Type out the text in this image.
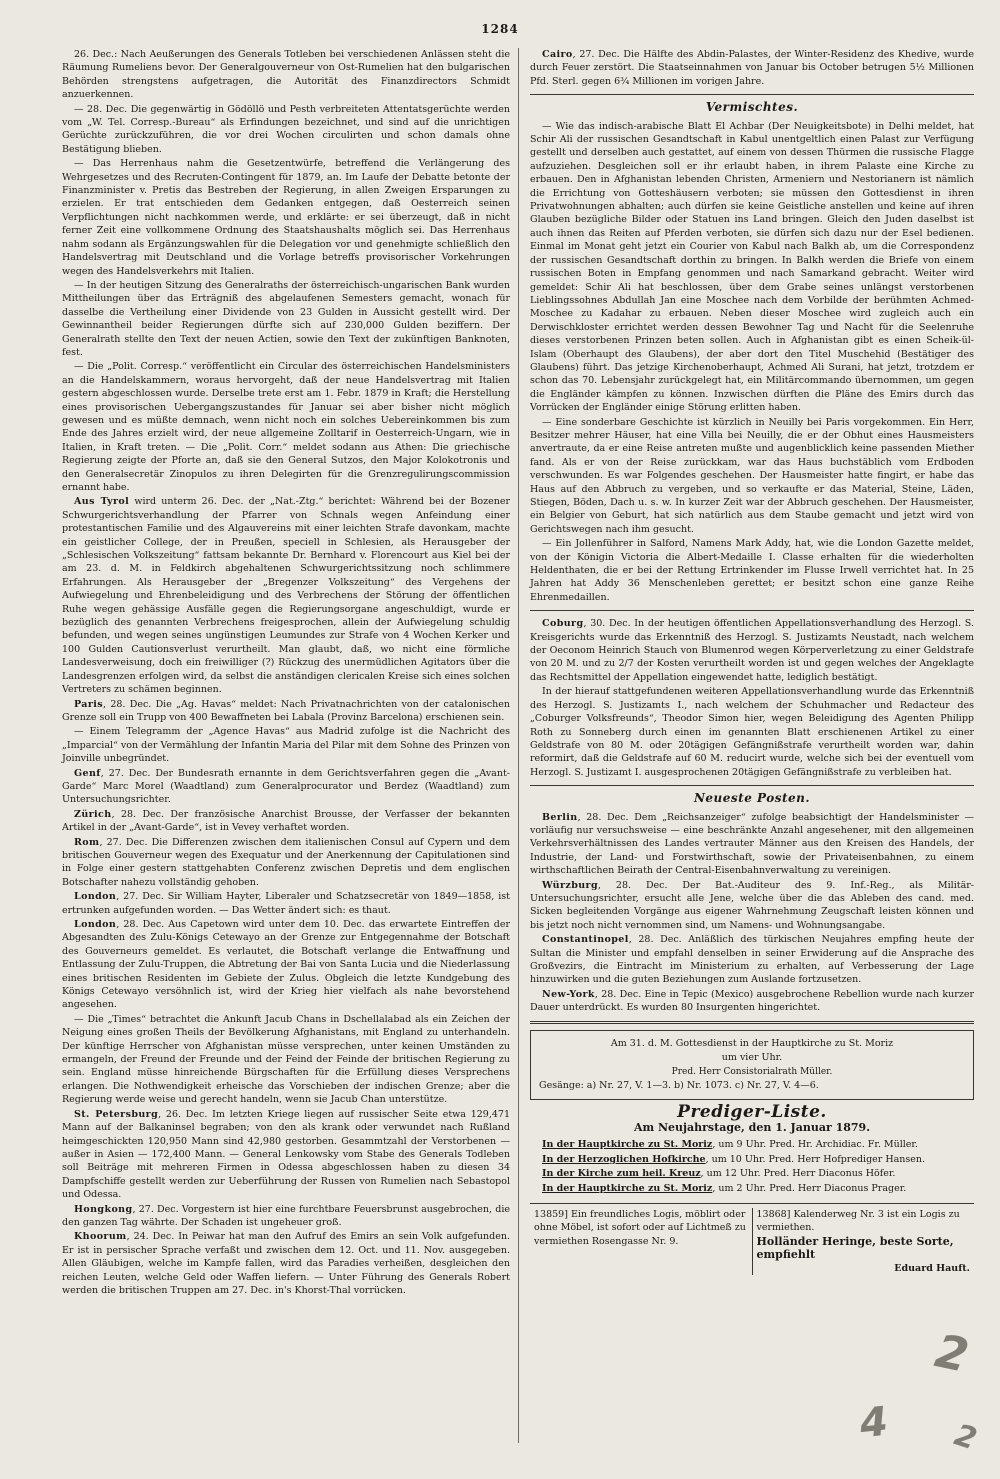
1284

26. Dec.: Nach Aeußerungen des Generals Totleben bei verschiedenen Anlässen steht die Räumung Rumeliens bevor. Der Generalgouverneur von Ost-Rumelien hat den bulgarischen Behörden strengstens aufgetragen, die Autorität des Finanzdirectors Schmidt anzuerkennen.

— 28. Dec. Die gegenwärtig in Gödöllö und Pesth verbreiteten Attentatsgerüchte werden vom „W. Tel. Corresp.-Bureau“ als Erfindungen bezeichnet, und sind auf die unrichtigen Gerüchte zurückzuführen, die vor drei Wochen circulirten und schon damals ohne Bestätigung blieben.

— Das Herrenhaus nahm die Gesetzentwürfe, betreffend die Verlängerung des Wehrgesetzes und des Recruten-Contingent für 1879, an. Im Laufe der Debatte betonte der Finanzminister v. Pretis das Bestreben der Regierung, in allen Zweigen Ersparungen zu erzielen. Er trat entschieden dem Gedanken entgegen, daß Oesterreich seinen Verpflichtungen nicht nachkommen werde, und erklärte: er sei überzeugt, daß in nicht ferner Zeit eine vollkommene Ordnung des Staatshaushalts möglich sei. Das Herrenhaus nahm sodann als Ergänzungswahlen für die Delegation vor und genehmigte schließlich den Handelsvertrag mit Deutschland und die Vorlage betreffs provisorischer Vorkehrungen wegen des Handelsverkehrs mit Italien.

— In der heutigen Sitzung des Generalraths der österreichisch-ungarischen Bank wurden Mittheilungen über das Erträgniß des abgelaufenen Semesters gemacht, wonach für dasselbe die Vertheilung einer Dividende von 23 Gulden in Aussicht gestellt wird. Der Gewinnantheil beider Regierungen dürfte sich auf 230,000 Gulden beziffern. Der Generalrath stellte den Text der neuen Actien, sowie den Text der zukünftigen Banknoten, fest.

— Die „Polit. Corresp.“ veröffentlicht ein Circular des österreichischen Handelsministers an die Handelskammern, woraus hervorgeht, daß der neue Handelsvertrag mit Italien gestern abgeschlossen wurde. Derselbe trete erst am 1. Febr. 1879 in Kraft; die Herstellung eines provisorischen Uebergangszustandes für Januar sei aber bisher nicht möglich gewesen und es müßte demnach, wenn nicht noch ein solches Uebereinkommen bis zum Ende des Jahres erzielt wird, der neue allgemeine Zolltarif in Oesterreich-Ungarn, wie in Italien, in Kraft treten. — Die „Polit. Corr.“ meldet sodann aus Athen: Die griechische Regierung zeigte der Pforte an, daß sie den General Sutzos, den Major Kolokotronis und den Generalsecretär Zinopulos zu ihren Delegirten für die Grenzregulirungscommission ernannt habe.

Aus Tyrol wird unterm 26. Dec. der „Nat.-Ztg.“ berichtet: Während bei der Bozener Schwurgerichtsverhandlung der Pfarrer von Schnals wegen Anfeindung einer protestantischen Familie und des Algauvereins mit einer leichten Strafe davonkam, machte ein geistlicher College, der in Preußen, speciell in Schlesien, als Herausgeber der „Schlesischen Volkszeitung“ fattsam bekannte Dr. Bernhard v. Florencourt aus Kiel bei der am 23. d. M. in Feldkirch abgehaltenen Schwurgerichtssitzung noch schlimmere Erfahrungen. Als Herausgeber der „Bregenzer Volkszeitung“ des Vergehens der Aufwiegelung und Ehrenbeleidigung und des Verbrechens der Störung der öffentlichen Ruhe wegen gehässige Ausfälle gegen die Regierungsorgane angeschuldigt, wurde er bezüglich des genannten Verbrechens freigesprochen, allein der Aufwiegelung schuldig befunden, und wegen seines ungünstigen Leumundes zur Strafe von 4 Wochen Kerker und 100 Gulden Cautionsverlust verurtheilt. Man glaubt, daß, wo nicht eine förmliche Landesverweisung, doch ein freiwilliger (?) Rückzug des unermüdlichen Agitators über die Landesgrenzen erfolgen wird, da selbst die anständigen clericalen Kreise sich eines solchen Vertreters zu schämen beginnen.

Paris, 28. Dec. Die „Ag. Havas“ meldet: Nach Privatnachrichten von der catalonischen Grenze soll ein Trupp von 400 Bewaffneten bei Labala (Provinz Barcelona) erschienen sein.

— Einem Telegramm der „Agence Havas“ aus Madrid zufolge ist die Nachricht des „Imparcial“ von der Vermählung der Infantin Maria del Pilar mit dem Sohne des Prinzen von Joinville unbegründet.

Genf, 27. Dec. Der Bundesrath ernannte in dem Gerichtsverfahren gegen die „Avant-Garde“ Marc Morel (Waadtland) zum Generalprocurator und Berdez (Waadtland) zum Untersuchungsrichter.

Zürich, 28. Dec. Der französische Anarchist Brousse, der Verfasser der bekannten Artikel in der „Avant-Garde“, ist in Vevey verhaftet worden.

Rom, 27. Dec. Die Differenzen zwischen dem italienischen Consul auf Cypern und dem britischen Gouverneur wegen des Exequatur und der Anerkennung der Capitulationen sind in Folge einer gestern stattgehabten Conferenz zwischen Depretis und dem englischen Botschafter nahezu vollständig gehoben.

London, 27. Dec. Sir William Hayter, Liberaler und Schatzsecretär von 1849—1858, ist ertrunken aufgefunden worden. — Das Wetter ändert sich: es thaut.

London, 28. Dec. Aus Capetown wird unter dem 10. Dec. das erwartete Eintreffen der Abgesandten des Zulu-Königs Cetewayo an der Grenze zur Entgegennahme der Botschaft des Gouverneurs gemeldet. Es verlautet, die Botschaft verlange die Entwaffnung und Entlassung der Zulu-Truppen, die Abtretung der Bai von Santa Lucia und die Niederlassung eines britischen Residenten im Gebiete der Zulus. Obgleich die letzte Kundgebung des Königs Cetewayo versöhnlich ist, wird der Krieg hier vielfach als nahe bevorstehend angesehen.

— Die „Times“ betrachtet die Ankunft Jacub Chans in Dschellalabad als ein Zeichen der Neigung eines großen Theils der Bevölkerung Afghanistans, mit England zu unterhandeln. Der künftige Herrscher von Afghanistan müsse versprechen, unter keinen Umständen zu ermangeln, der Freund der Freunde und der Feind der Feinde der britischen Regierung zu sein. England müsse hinreichende Bürgschaften für die Erfüllung dieses Versprechens erlangen. Die Nothwendigkeit erheische das Vorschieben der indischen Grenze; aber die Regierung werde weise und gerecht handeln, wenn sie Jacub Chan unterstütze.

St. Petersburg, 26. Dec. Im letzten Kriege liegen auf russischer Seite etwa 129,471 Mann auf der Balkaninsel begraben; von den als krank oder verwundet nach Rußland heimgeschickten 120,950 Mann sind 42,980 gestorben. Gesammtzahl der Verstorbenen — außer in Asien — 172,400 Mann. — General Lenkowsky vom Stabe des Generals Todleben soll Beiträge mit mehreren Firmen in Odessa abgeschlossen haben zu diesen 34 Dampfschiffe gestellt werden zur Ueberführung der Russen von Rumelien nach Sebastopol und Odessa.

Hongkong, 27. Dec. Vorgestern ist hier eine furchtbare Feuersbrunst ausgebrochen, die den ganzen Tag währte. Der Schaden ist ungeheuer groß.

Khoorum, 24. Dec. In Peiwar hat man den Aufruf des Emirs an sein Volk aufgefunden. Er ist in persischer Sprache verfaßt und zwischen dem 12. Oct. und 11. Nov. ausgegeben. Allen Gläubigen, welche im Kampfe fallen, wird das Paradies verheißen, desgleichen den reichen Leuten, welche Geld oder Waffen liefern. — Unter Führung des Generals Robert werden die britischen Truppen am 27. Dec. in's Khorst-Thal vorrücken.

Cairo, 27. Dec. Die Hälfte des Abdin-Palastes, der Winter-Residenz des Khedive, wurde durch Feuer zerstört. Die Staatseinnahmen von Januar bis October betrugen 5½ Millionen Pfd. Sterl. gegen 6¾ Millionen im vorigen Jahre.

Vermischtes.

— Wie das indisch-arabische Blatt El Achbar (Der Neuigkeitsbote) in Delhi meldet, hat Schir Ali der russischen Gesandtschaft in Kabul unentgeltlich einen Palast zur Verfügung gestellt und derselben auch gestattet, auf einem von dessen Thürmen die russische Flagge aufzuziehen. Desgleichen soll er ihr erlaubt haben, in ihrem Palaste eine Kirche zu erbauen. Den in Afghanistan lebenden Christen, Armeniern und Nestorianern ist nämlich die Errichtung von Gotteshäusern verboten; sie müssen den Gottesdienst in ihren Privatwohnungen abhalten; auch dürfen sie keine Geistliche anstellen und keine auf ihren Glauben bezügliche Bilder oder Statuen ins Land bringen. Gleich den Juden daselbst ist auch ihnen das Reiten auf Pferden verboten, sie dürfen sich dazu nur der Esel bedienen. Einmal im Monat geht jetzt ein Courier von Kabul nach Balkh ab, um die Correspondenz der russischen Gesandtschaft dorthin zu bringen. In Balkh werden die Briefe von einem russischen Boten in Empfang genommen und nach Samarkand gebracht. Weiter wird gemeldet: Schir Ali hat beschlossen, über dem Grabe seines unlängst verstorbenen Lieblingssohnes Abdullah Jan eine Moschee nach dem Vorbilde der berühmten Achmed-Moschee zu Kadahar zu erbauen. Neben dieser Moschee wird zugleich auch ein Derwischkloster errichtet werden dessen Bewohner Tag und Nacht für die Seelenruhe dieses verstorbenen Prinzen beten sollen. Auch in Afghanistan gibt es einen Scheik-ül-Islam (Oberhaupt des Glaubens), der aber dort den Titel Muschehid (Bestätiger des Glaubens) führt. Das jetzige Kirchenoberhaupt, Achmed Ali Surani, hat jetzt, trotzdem er schon das 70. Lebensjahr zurückgelegt hat, ein Militärcommando übernommen, um gegen die Engländer kämpfen zu können. Inzwischen dürften die Pläne des Emirs durch das Vorrücken der Engländer einige Störung erlitten haben.

— Eine sonderbare Geschichte ist kürzlich in Neuilly bei Paris vorgekommen. Ein Herr, Besitzer mehrer Häuser, hat eine Villa bei Neuilly, die er der Obhut eines Hausmeisters anvertraute, da er eine Reise antreten mußte und augenblicklich keine passenden Miether fand. Als er von der Reise zurückkam, war das Haus buchstäblich vom Erdboden verschwunden. Es war Folgendes geschehen. Der Hausmeister hatte fingirt, er habe das Haus auf den Abbruch zu vergeben, und so verkaufte er das Material, Steine, Läden, Stiegen, Böden, Dach u. s. w. In kurzer Zeit war der Abbruch geschehen. Der Hausmeister, ein Belgier von Geburt, hat sich natürlich aus dem Staube gemacht und jetzt wird von Gerichtswegen nach ihm gesucht.

— Ein Jollenführer in Salford, Namens Mark Addy, hat, wie die London Gazette meldet, von der Königin Victoria die Albert-Medaille I. Classe erhalten für die wiederholten Heldenthaten, die er bei der Rettung Ertrinkender im Flusse Irwell verrichtet hat. In 25 Jahren hat Addy 36 Menschenleben gerettet; er besitzt schon eine ganze Reihe Ehrenmedaillen.

Coburg, 30. Dec. In der heutigen öffentlichen Appellationsverhandlung des Herzogl. S. Kreisgerichts wurde das Erkenntniß des Herzogl. S. Justizamts Neustadt, nach welchem der Oeconom Heinrich Stauch von Blumenrod wegen Körperverletzung zu einer Geldstrafe von 20 M. und zu 2/7 der Kosten verurtheilt worden ist und gegen welches der Angeklagte das Rechtsmittel der Appellation eingewendet hatte, lediglich bestätigt.

In der hierauf stattgefundenen weiteren Appellationsverhandlung wurde das Erkenntniß des Herzogl. S. Justizamts I., nach welchem der Schuhmacher und Redacteur des „Coburger Volksfreunds“, Theodor Simon hier, wegen Beleidigung des Agenten Philipp Roth zu Sonneberg durch einen im genannten Blatt erschienenen Artikel zu einer Geldstrafe von 80 M. oder 20tägigen Gefängnißstrafe verurtheilt worden war, dahin reformirt, daß die Geldstrafe auf 60 M. reducirt wurde, welche sich bei der eventuell vom Herzogl. S. Justizamt I. ausgesprochenen 20tägigen Gefängnißstrafe zu verbleiben hat.

Neueste Posten.

Berlin, 28. Dec. Dem „Reichsanzeiger“ zufolge beabsichtigt der Handelsminister — vorläufig nur versuchsweise — eine beschränkte Anzahl angesehener, mit den allgemeinen Verkehrsverhältnissen des Landes vertrauter Männer aus den Kreisen des Handels, der Industrie, der Land- und Forstwirthschaft, sowie der Privateisenbahnen, zu einem wirthschaftlichen Beirath der Central-Eisenbahnverwaltung zu vereinigen.

Würzburg, 28. Dec. Der Bat.-Auditeur des 9. Inf.-Reg., als Militär-Untersuchungsrichter, ersucht alle Jene, welche über die das Ableben des cand. med. Sicken begleitenden Vorgänge aus eigener Wahrnehmung Zeugschaft leisten können und bis jetzt noch nicht vernommen sind, um Namens- und Wohnungsangabe.

Constantinopel, 28. Dec. Anläßlich des türkischen Neujahres empfing heute der Sultan die Minister und empfahl denselben in seiner Erwiderung auf die Ansprache des Großvezirs, die Eintracht im Ministerium zu erhalten, auf Verbesserung der Lage hinzuwirken und die guten Beziehungen zum Auslande fortzusetzen.

New-York, 28. Dec. Eine in Tepic (Mexico) ausgebrochene Rebellion wurde nach kurzer Dauer unterdrückt. Es wurden 80 Insurgenten hingerichtet.

Am 31. d. M. Gottesdienst in der Hauptkirche zu St. Moriz
um vier Uhr.
Pred. Herr Consistorialrath Müller.
Gesänge: a) Nr. 27, V. 1—3. b) Nr. 1073. c) Nr. 27, V. 4—6.
Prediger-Liste.
Am Neujahrstage, den 1. Januar 1879.

In der Hauptkirche zu St. Moriz, um 9 Uhr. Pred. Hr. Archidiac. Fr. Müller.

In der Herzoglichen Hofkirche, um 10 Uhr. Pred. Herr Hofprediger Hansen.

In der Kirche zum heil. Kreuz, um 12 Uhr. Pred. Herr Diaconus Höfer.

In der Hauptkirche zu St. Moriz, um 2 Uhr. Pred. Herr Diaconus Prager.

13859] Ein freundliches Logis, möblirt oder ohne Möbel, ist sofort oder auf Lichtmeß zu vermiethen Rosengasse Nr. 9.
13868] Kalenderweg Nr. 3 ist ein Logis zu vermiethen.
Holländer Heringe, beste Sorte, empfiehlt
Eduard Hauft.
2
4 2
